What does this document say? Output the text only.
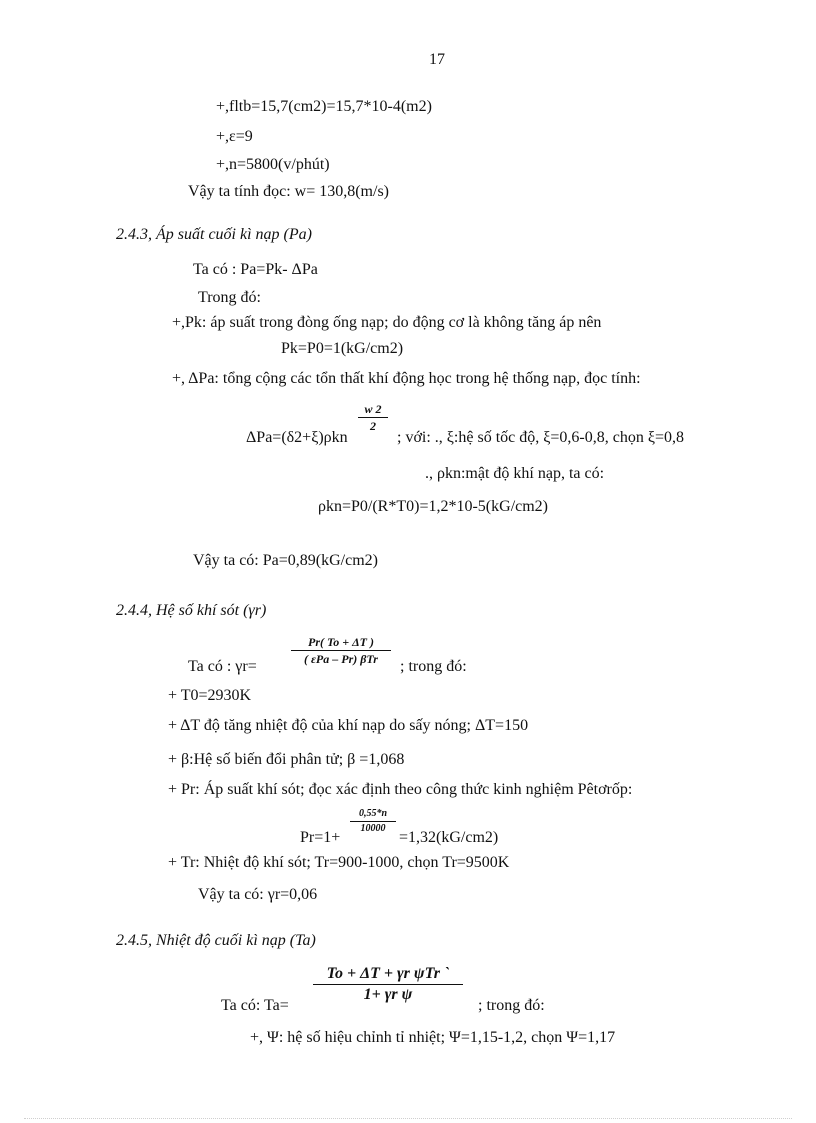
17
+,fltb=15,7(cm2)=15,7*10-4(m2)
+,ε=9
+,n=5800(v/phút)
Vậy ta tính đọc: w= 130,8(m/s)
2.4.3, Áp suất cuối kì nạp (Pa)
Ta có : Pa=Pk- ΔPa
Trong đó:
+,Pk: áp suất trong đòng ống nạp; do động cơ là không tăng áp nên
Pk=P0=1(kG/cm2)
+, ΔPa: tổng cộng các tổn thất khí động học trong hệ thống nạp, đọc tính:
ΔPa=(δ2+ξ)ρkn
w 2
2
; với: ., ξ:hệ số tốc độ, ξ=0,6-0,8, chọn ξ=0,8
., ρkn:mật độ khí nạp, ta có:
ρkn=P0/(R*T0)=1,2*10-5(kG/cm2)
Vậy ta có: Pa=0,89(kG/cm2)
2.4.4, Hệ số khí sót (γr)
Ta có : γr=
Pr( To + ΔT )
( εPa – Pr) βTr	; trong đó:
+ T0=2930K
+ ΔT độ tăng nhiệt độ của khí nạp do sấy nóng; ΔT=150
+ β:Hệ số biến đổi phân tử; β =1,068
+ Pr: Áp suất khí sót; đọc xác định theo công thức kinh nghiệm Pêtơrốp:
Pr=1+
0,55*n
10000
=1,32(kG/cm2)
+ Tr: Nhiệt độ khí sót; Tr=900-1000, chọn Tr=9500K
Vậy ta có: γr=0,06
2.4.5, Nhiệt độ cuối kì nạp (Ta)
Ta có: Ta=
To + ΔT + γr ψTr `
1+ γr ψ
; trong đó:
+, Ψ: hệ số hiệu chỉnh tỉ nhiệt; Ψ=1,15-1,2, chọn Ψ=1,17
